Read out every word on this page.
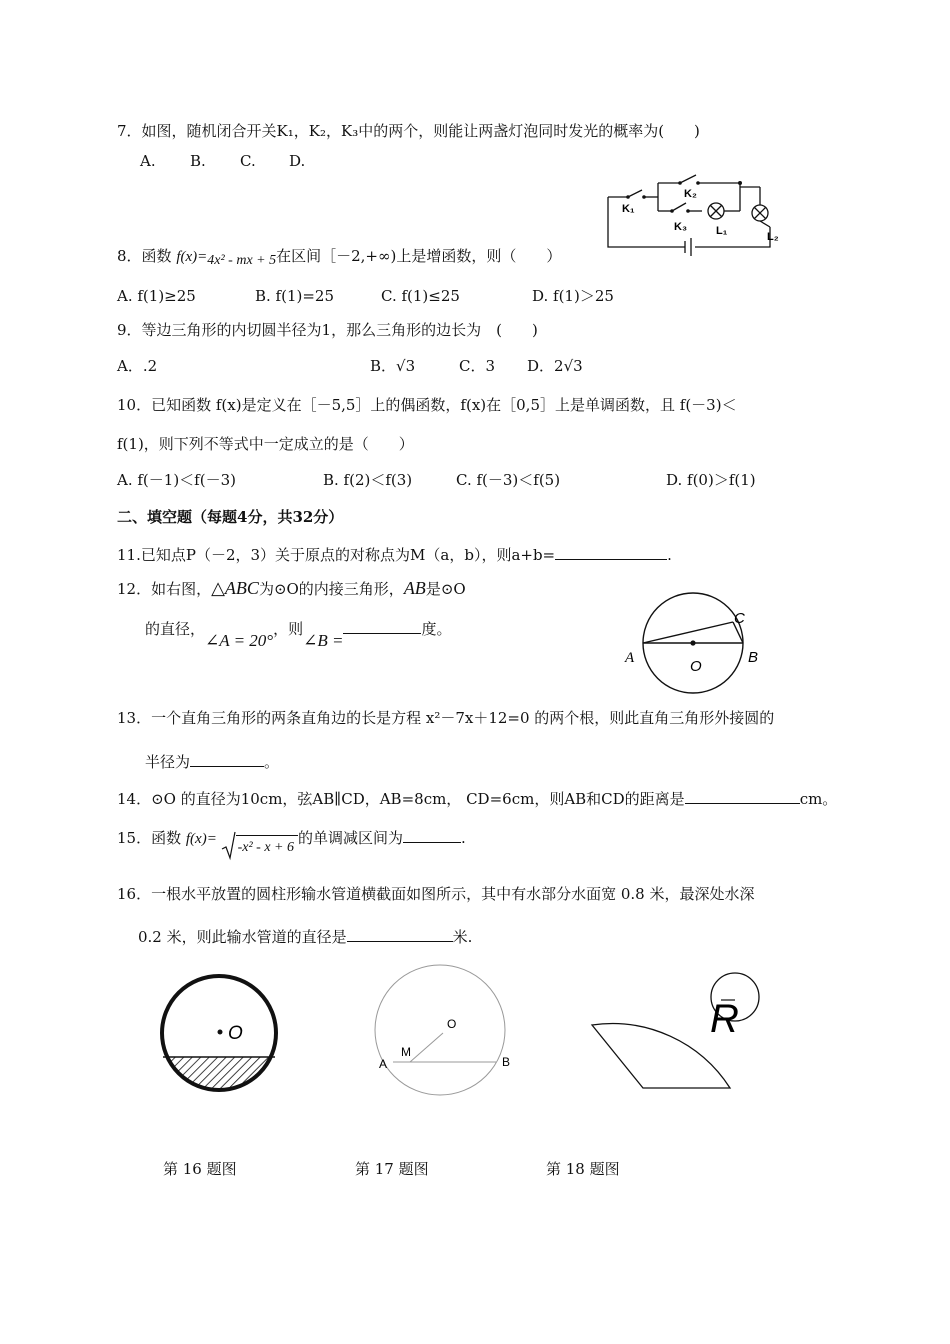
7．如图，随机闭合开关K₁，K₂，K₃中的两个，则能让两盏灯泡同时发光的概率为(　　)
A. B. C. D.
K₁
K₂
K₃	L₁	L₂
8．函数 f(x)=4x² - mx + 5在区间［－2,+∞)上是增函数，则（　　）
A. f(1)≥25	B. f(1)=25	C. f(1)≤25	D. f(1)＞25
9．等边三角形的内切圆半径为1，那么三角形的边长为　(　　)
A．.2	B．√3	C．3 D．2√3
10．已知函数 f(x)是定义在［－5,5］上的偶函数，f(x)在［0,5］上是单调函数，且 f(－3)＜
f(1)，则下列不等式中一定成立的是（　　）
A. f(－1)＜f(－3)	B. f(2)＜f(3)	C. f(－3)＜f(5)	D. f(0)＞f(1)
二、填空题（每题4分，共32分）
11.已知点P（－2，3）关于原点的对称点为M（a，b），则a+b=	.
12．如右图，△ABC为⊙O的内接三角形，AB是⊙O
的直径，∠A = 20°，则∠B =度。
A	B
C
O
13．一个直角三角形的两条直角边的长是方程 x²－7x＋12=0 的两个根，则此直角三角形外接圆的
半径为	。
14．⊙O 的直径为10cm，弦AB∥CD，AB=8cm， CD=6cm，则AB和CD的距离是	cm。
15．函数 f(x)=
-x² - x + 6的单调减区间为	.
16．一根水平放置的圆柱形输水管道横截面如图所示，其中有水部分水面宽 0.8 米，最深处水深
0.2 米，则此输水管道的直径是	米.
O	O
M
A	B
R
第 16 题图	第 17 题图	第 18 题图
